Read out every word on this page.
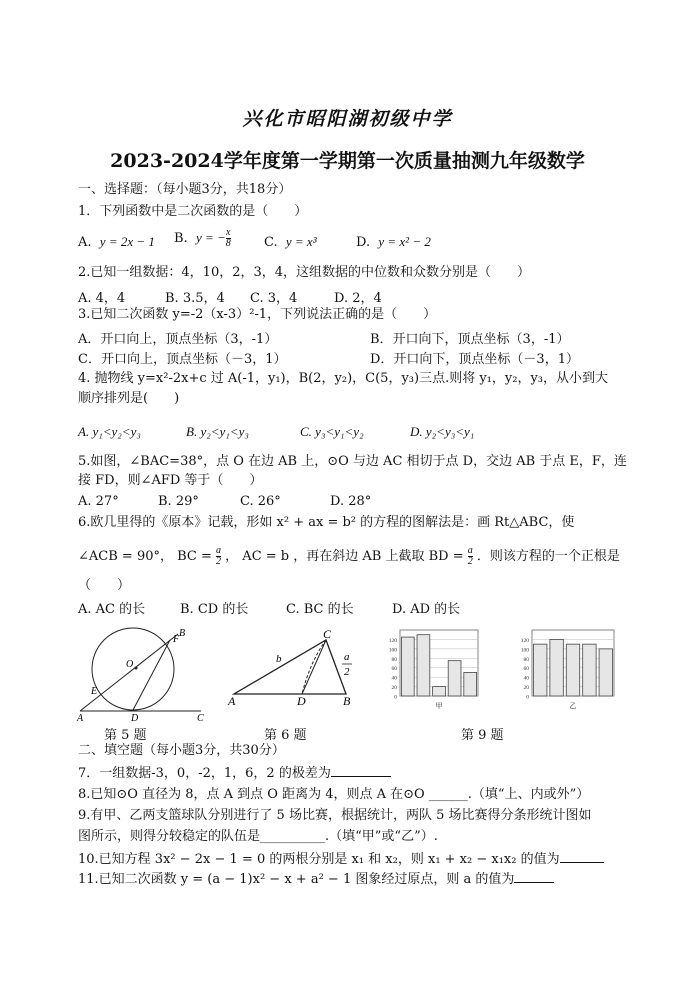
兴化市昭阳湖初级中学
2023-2024学年度第一学期第一次质量抽测九年级数学
一、选择题：（每小题3分，共18分）
1．下列函数中是二次函数的是（　　）
A. y = 2x − 1 B. y = − $\frac{x}{8}$	C. y = x³	D. y = x² − 2
2.已知一组数据：4，10，2，3，4，这组数据的中位数和众数分别是（　　）
A. 4，4	B. 3.5，4 C. 3，4	D. 2，4
3.已知二次函数 y=-2（x-3）²-1，下列说法正确的是（　　）
A．开口向上，顶点坐标（3，-1）	B．开口向下，顶点坐标（3，-1）
C．开口向上，顶点坐标（－3，1）	D．开口向下，顶点坐标（－3，1）
4. 抛物线 y=x²-2x+c 过 A(-1，y₁)，B(2，y₂)，C(5，y₃)三点.则将 y₁，y₂，y₃，从小到大
顺序排列是(　　)
A. y₁<y₂<y₃	B. y₂<y₁<y₃	C. y₃<y₁<y₂	D. y₂<y₃<y₁
5.如图，∠BAC=38°，点 O 在边 AB 上，⊙O 与边 AC 相切于点 D，交边 AB 于点 E，F，连
接 FD，则∠AFD 等于（　　）
A. 27°	B. 29°	C. 26°	D. 28°
6.欧几里得的《原本》记载，形如 x² + ax = b² 的方程的图解法是：画 Rt△ABC，使
∠ACB = 90°， BC = $\frac{a}{2}$ ， AC = b ，再在斜边 AB 上截取 BD = $\frac{a}{2}$ ．则该方程的一个正根是
（　　）
A. AC 的长	B. CD 的长	C. BC 的长	D. AD 的长
O
F
B
E
A	D	C
第 5 题
C
b	a
2
A	D	B
第 6 题
120
100
80
60
40
20
0
甲
120
100
80
60
40
20
0
乙
第 9 题
二、填空题（每小题3分，共30分）
7．一组数据-3，0，-2，1，6，2 的极差为
8.已知⊙O 直径为 8，点 A 到点 O 距离为 4，则点 A 在⊙O ______.（填“上、内或外”）
9.有甲、乙两支篮球队分别进行了 5 场比赛，根据统计，两队 5 场比赛得分条形统计图如
图所示，则得分较稳定的队伍是__________.（填“甲”或“乙”）.
10.已知方程 3x² − 2x − 1 = 0 的两根分别是 x₁ 和 x₂，则 x₁ + x₂ − x₁x₂ 的值为
11.已知二次函数 y = (a − 1)x² − x + a² − 1 图象经过原点，则 a 的值为
